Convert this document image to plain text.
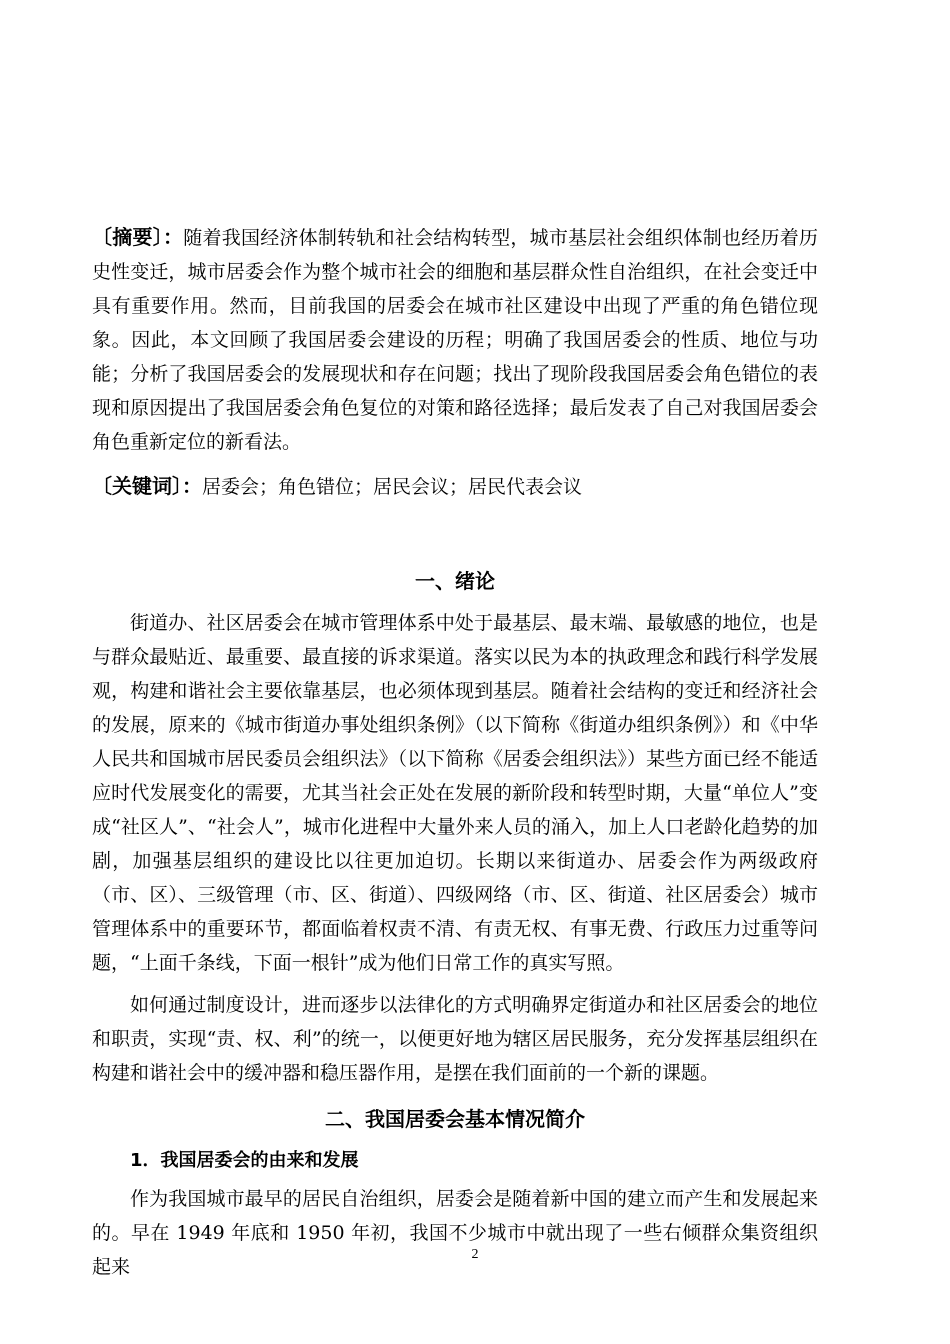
〔摘要〕：随着我国经济体制转轨和社会结构转型，城市基层社会组织体制也经历着历史性变迁，城市居委会作为整个城市社会的细胞和基层群众性自治组织，在社会变迁中具有重要作用。然而，目前我国的居委会在城市社区建设中出现了严重的角色错位现象。因此，本文回顾了我国居委会建设的历程；明确了我国居委会的性质、地位与功能；分析了我国居委会的发展现状和存在问题；找出了现阶段我国居委会角色错位的表现和原因提出了我国居委会角色复位的对策和路径选择；最后发表了自己对我国居委会角色重新定位的新看法。

〔关键词〕：居委会；角色错位；居民会议；居民代表会议

一、绪论

街道办、社区居委会在城市管理体系中处于最基层、最末端、最敏感的地位，也是与群众最贴近、最重要、最直接的诉求渠道。落实以民为本的执政理念和践行科学发展观，构建和谐社会主要依靠基层，也必须体现到基层。随着社会结构的变迁和经济社会的发展，原来的《城市街道办事处组织条例》（以下简称《街道办组织条例》）和《中华人民共和国城市居民委员会组织法》（以下简称《居委会组织法》）某些方面已经不能适应时代发展变化的需要，尤其当社会正处在发展的新阶段和转型时期，大量“单位人”变成“社区人”、“社会人”，城市化进程中大量外来人员的涌入，加上人口老龄化趋势的加剧，加强基层组织的建设比以往更加迫切。长期以来街道办、居委会作为两级政府（市、区）、三级管理（市、区、街道）、四级网络（市、区、街道、社区居委会）城市管理体系中的重要环节，都面临着权责不清、有责无权、有事无费、行政压力过重等问题，“上面千条线，下面一根针”成为他们日常工作的真实写照。

如何通过制度设计，进而逐步以法律化的方式明确界定街道办和社区居委会的地位和职责，实现“责、权、利”的统一，以便更好地为辖区居民服务，充分发挥基层组织在构建和谐社会中的缓冲器和稳压器作用，是摆在我们面前的一个新的课题。

二、我国居委会基本情况简介
1．我国居委会的由来和发展

作为我国城市最早的居民自治组织，居委会是随着新中国的建立而产生和发展起来的。早在 1949 年底和 1950 年初，我国不少城市中就出现了一些右倾群众集资组织起来

2
